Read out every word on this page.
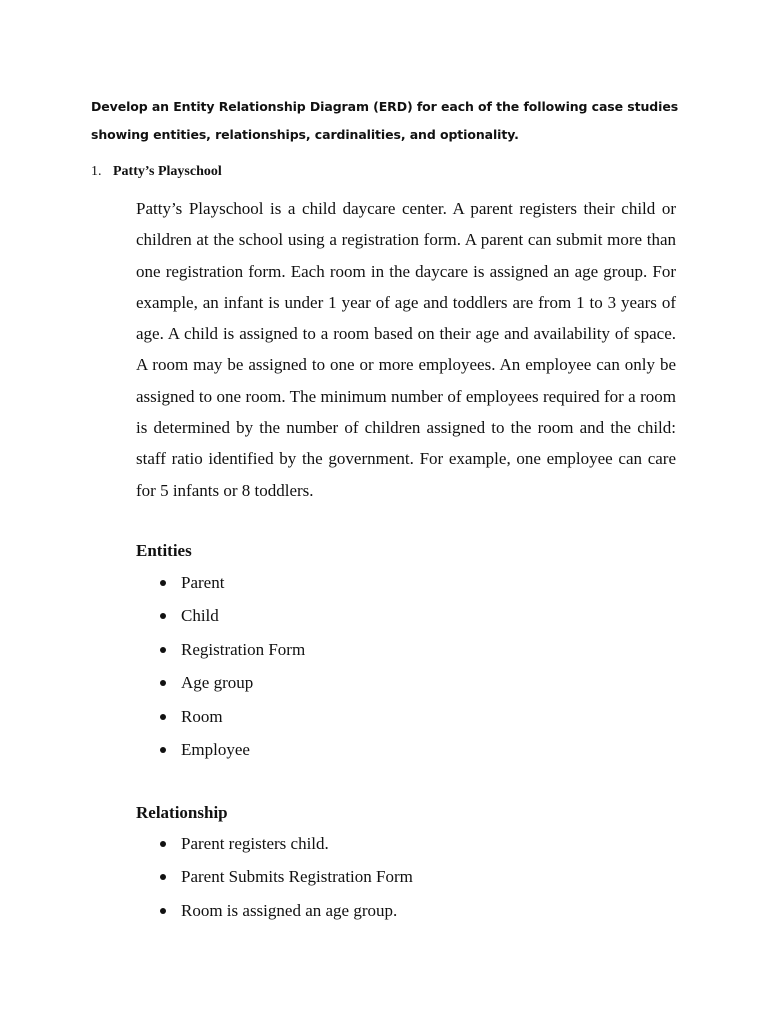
Develop an Entity Relationship Diagram (ERD) for each of the following case studies
showing entities, relationships, cardinalities, and optionality.

1. Patty’s Playschool

Patty’s Playschool is a child daycare center. A parent registers their child or children at the school using a registration form. A parent can submit more than one registration form. Each room in the daycare is assigned an age group. For example, an infant is under 1 year of age and toddlers are from 1 to 3 years of age. A child is assigned to a room based on their age and availability of space. A room may be assigned to one or more employees. An employee can only be assigned to one room. The minimum number of employees required for a room is determined by the number of children assigned to the room and the child: staff ratio identified by the government. For example, one employee can care for 5 infants or 8 toddlers.

Entities
Parent
Child
Registration Form
Age group
Room
Employee
Relationship
Parent registers child.
Parent Submits Registration Form
Room is assigned an age group.
